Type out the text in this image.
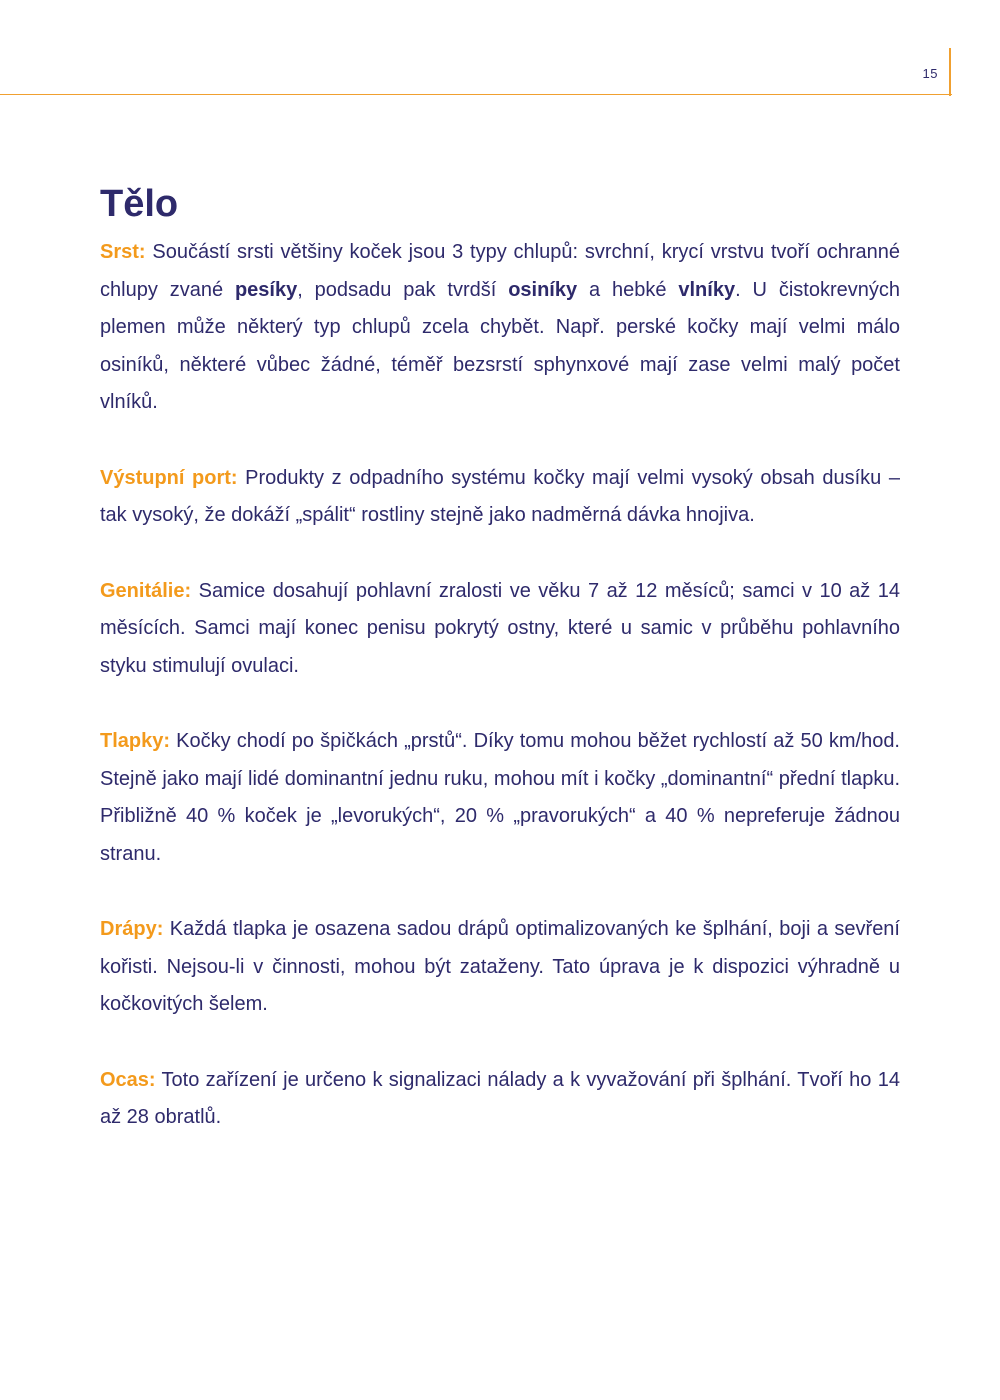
15
Tělo

Srst: Součástí srsti většiny koček jsou 3 typy chlupů: svrchní, krycí vrstvu tvoří ochranné chlupy zvané pesíky, podsadu pak tvrdší osiníky a hebké vlníky. U čistokrevných plemen může některý typ chlupů zcela chybět. Např. perské kočky mají velmi málo osiníků, některé vůbec žádné, téměř bezsrstí sphynxové mají zase velmi malý počet vlníků.

Výstupní port: Produkty z odpadního systému kočky mají velmi vysoký obsah dusíku – tak vysoký, že dokáží „spálit“ rostliny stejně jako nadměrná dávka hnojiva.

Genitálie: Samice dosahují pohlavní zralosti ve věku 7 až 12 měsíců; samci v 10 až 14 měsících. Samci mají konec penisu pokrytý ostny, které u samic v průběhu pohlavního styku stimulují ovulaci.

Tlapky: Kočky chodí po špičkách „prstů“. Díky tomu mohou běžet rychlostí až 50 km/hod. Stejně jako mají lidé dominantní jednu ruku, mohou mít i kočky „dominantní“ přední tlapku. Přibližně 40 % koček je „levorukých“, 20 % „pravorukých“ a 40 % nepreferuje žádnou stranu.

Drápy: Každá tlapka je osazena sadou drápů optimalizovaných ke šplhání, boji a sevření kořisti. Nejsou-li v činnosti, mohou být zataženy. Tato úprava je k dispozici výhradně u kočkovitých šelem.

Ocas: Toto zařízení je určeno k signalizaci nálady a k vyvažování při šplhání. Tvoří ho 14 až 28 obratlů.
